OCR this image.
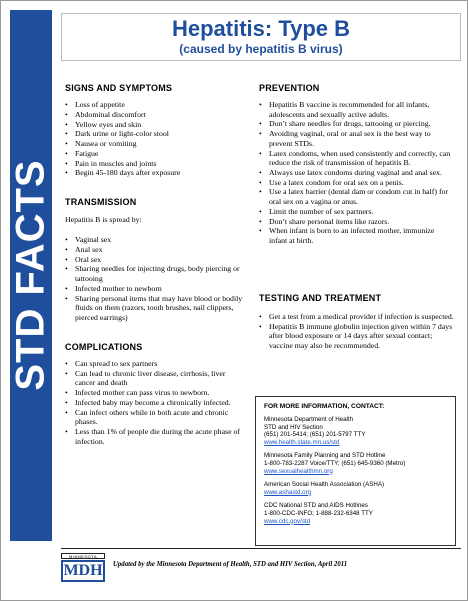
STD FACTS
Hepatitis: Type B
(caused by hepatitis B virus)
SIGNS AND SYMPTOMS
• Loss of appetite
• Abdominal discomfort
• Yellow eyes and skin
• Dark urine or light-color stool
• Nausea or vomiting
• Fatigue
• Pain in muscles and joints
• Begin 45-180 days after exposure
TRANSMISSION
Hepatitis B is spread by:
• Vaginal sex
• Anal sex
• Oral sex
• Sharing needles for injecting drugs, body piercing or tattooing
• Infected mother to newborn
• Sharing personal items that may have blood or bodily fluids on them (razors, tooth brushes, nail clippers, pierced earrings)
COMPLICATIONS
• Can spread to sex partners
• Can lead to chronic liver disease, cirrhosis, liver cancer and death
• Infected mother can pass virus to newborn.
• Infected baby may become a chronically infected.
• Can infect others while in both acute and chronic phases.
• Less than 1% of people die during the acute phase of infection.
PREVENTION
• Hepatitis B vaccine is recommended for all infants, adolescents and sexually active adults.
• Don’t share needles for drugs, tattooing or piercing.
• Avoiding vaginal, oral or anal sex is the best way to prevent STDs.
• Latex condoms, when used consistently and correctly, can reduce the risk of transmission of hepatitis B.
• Always use latex condoms during vaginal and anal sex.
• Use a latex condom for oral sex on a penis.
• Use a latex barrier (dental dam or condom cut in half) for oral sex on a vagina or anus.
• Limit the number of sex partners.
• Don’t share personal items like razors.
• When infant is born to an infected mother, immunize infant at birth.
TESTING AND TREATMENT
• Get a test from a medical provider if infection is suspected.
• Hepatitis B immune globulin injection given within 7 days after blood exposure or 14 days after sexual contact; vaccine may also be recommended.
FOR MORE INFORMATION, CONTACT:
Minnesota Department of Health
STD and HIV Section
(651) 201-5414; (651) 201-5797 TTY
www.health.state.mn.us/std
Minnesota Family Planning and STD Hotline
1-800-783-2287 Voice/TTY; (651) 645-9360 (Metro)
www.sexualhealthmn.org
American Social Health Association (ASHA)
www.ashastd.org
CDC National STD and AIDS Hotlines
1-800-CDC-INFO; 1-888-232-6348 TTY
www.cdc.gov/std
MINNESOTA
MDH	Updated by the Minnesota Department of Health, STD and HIV Section, April 2011
